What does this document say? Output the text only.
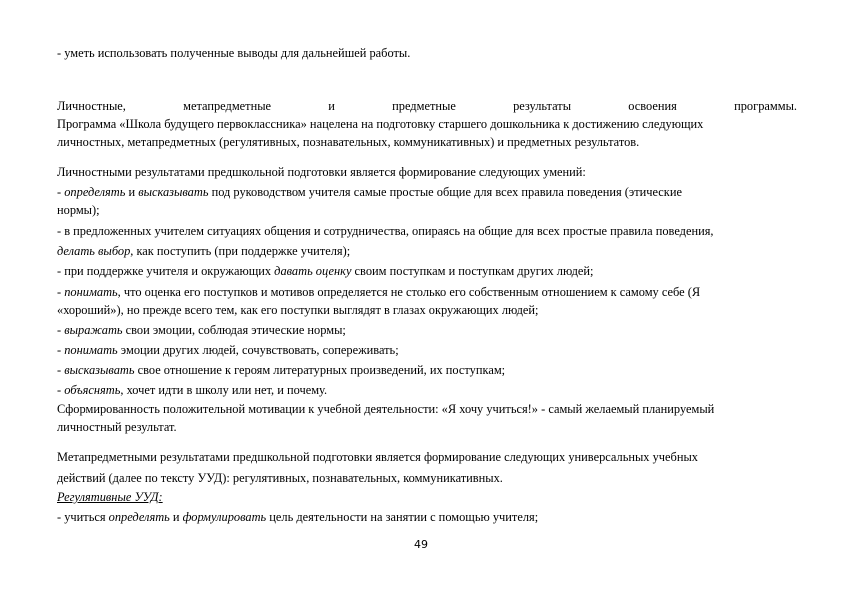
- уметь использовать полученные выводы для дальнейшей работы.
Личностные,	метапредметные	и	предметные	результаты	освоения	программы.
Программа «Школа будущего первоклассника» нацелена на подготовку старшего дошкольника к достижению следующих
личностных, метапредметных (регулятивных, познавательных, коммуникативных) и предметных результатов.
Личностными результатами предшкольной подготовки является формирование следующих умений:
- определять и высказывать под руководством учителя самые простые общие для всех правила поведения (этические
нормы);
- в предложенных учителем ситуациях общения и сотрудничества, опираясь на общие для всех простые правила поведения,
делать выбор, как поступить (при поддержке учителя);
- при поддержке учителя и окружающих давать оценку своим поступкам и поступкам других людей;
- понимать, что оценка его поступков и мотивов определяется не столько его собственным отношением к самому себе (Я
«хороший»), но прежде всего тем, как его поступки выглядят в глазах окружающих людей;
- выражать свои эмоции, соблюдая этические нормы;
- понимать эмоции других людей, сочувствовать, сопереживать;
- высказывать свое отношение к героям литературных произведений, их поступкам;
- объяснять, хочет идти в школу или нет, и почему.
Сформированность положительной мотивации к учебной деятельности: «Я хочу учиться!» - самый желаемый планируемый
личностный результат.
Метапредметными результатами предшкольной подготовки является формирование следующих универсальных учебных
действий (далее по тексту УУД): регулятивных, познавательных, коммуникативных.
Регулятивные УУД:
- учиться определять и формулировать цель деятельности на занятии с помощью учителя;
49
